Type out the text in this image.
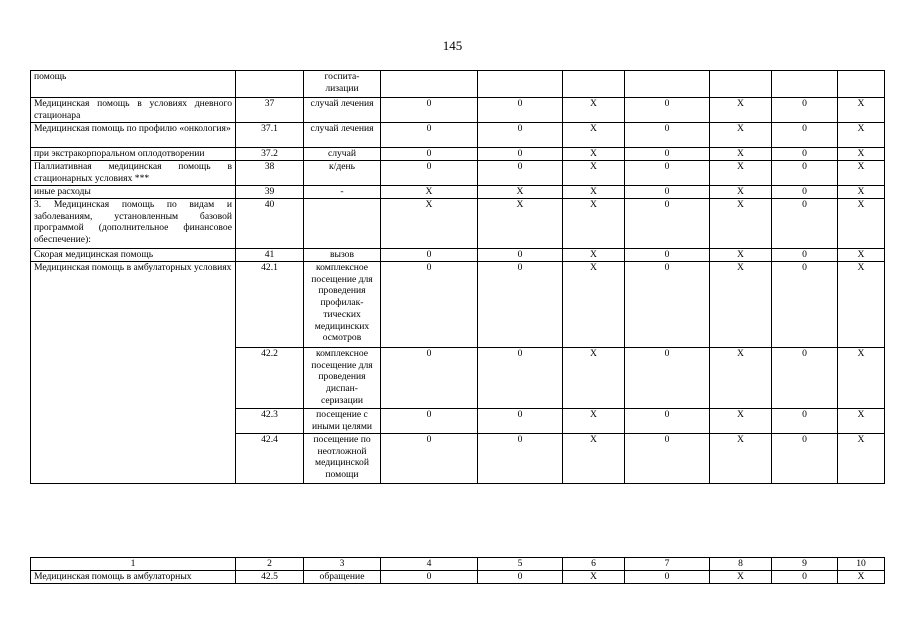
145
помощь		госпита-
лизации							
Медицинская помощь в условиях дневного стационара	37	случай лечения	0	0	X	0	X	0	X
Медицинская помощь по профилю «онкология»	37.1	случай лечения	0	0	X	0	X	0	X
при экстракорпоральном оплодотворении	37.2	случай	0	0	X	0	X	0	X
Паллиативная медицинская помощь в стационарных условиях ***	38	к/день	0	0	X	0	X	0	X
иные расходы	39	-	X	X	X	0	X	0	X
3. Медицинская помощь по видам и заболеваниям, установленным базовой программой (дополнительное финансовое обеспечение):	40		X	X	X	0	X	0	X
Скорая медицинская помощь	41	вызов	0	0	X	0	X	0	X
Медицинская помощь в амбулаторных условиях	42.1	комплексное посещение для проведения профилак-
тических медицинских осмотров	0	0	X	0	X	0	X
	42.2	комплексное посещение для проведения диспан-
серизации	0	0	X	0	X	0	X
	42.3	посещение с иными целями	0	0	X	0	X	0	X
	42.4	посещение по неотложной медицинской помощи	0	0	X	0	X	0	X
1	2	3	4	5	6	7	8	9	10
Медицинская помощь в амбулаторных	42.5	обращение	0	0	X	0	X	0	X
